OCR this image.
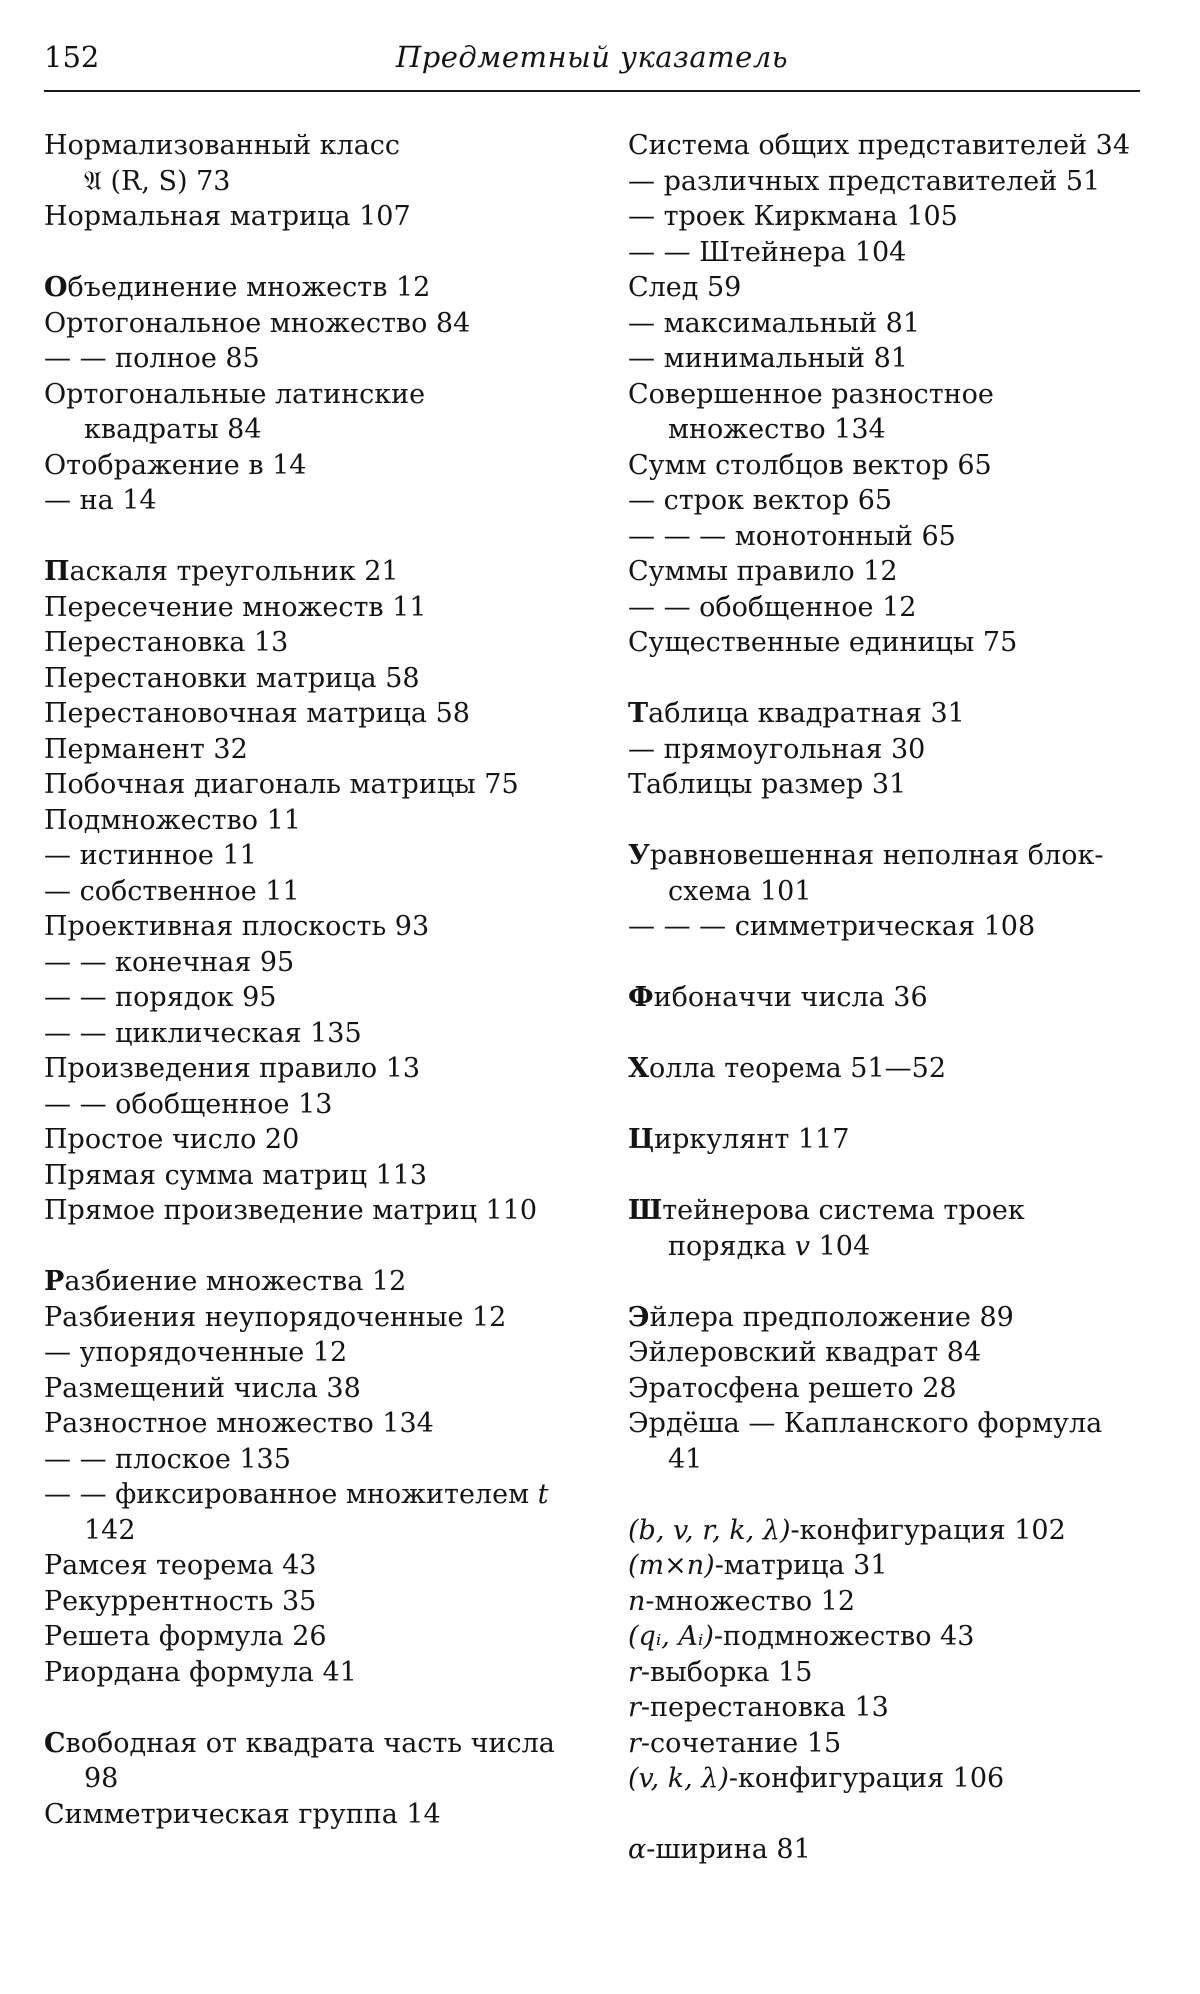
152	Предметный указатель
Нормализованный класс
𝔄 (R, S) 73
Нормальная матрица 107
Объединение множеств 12
Ортогональное множество 84
— — полное 85
Ортогональные латинские квадраты 84
Отображение в 14
— на 14
Паскаля треугольник 21
Пересечение множеств 11
Перестановка 13
Перестановки матрица 58
Перестановочная матрица 58
Перманент 32
Побочная диагональ матрицы 75
Подмножество 11
— истинное 11
— собственное 11
Проективная плоскость 93
— — конечная 95
— — порядок 95
— — циклическая 135
Произведения правило 13
— — обобщенное 13
Простое число 20
Прямая сумма матриц 113
Прямое произведение матриц 110
Разбиение множества 12
Разбиения неупорядоченные 12
— упорядоченные 12
Размещений числа 38
Разностное множество 134
— — плоское 135
— — фиксированное множителем t 142
Рамсея теорема 43
Рекуррентность 35
Решета формула 26
Риордана формула 41
Свободная от квадрата часть числа 98
Симметрическая группа 14
Система общих представителей 34
— различных представителей 51
— троек Киркмана 105
— — Штейнера 104
След 59
— максимальный 81
— минимальный 81
Совершенное разностное множество 134
Сумм столбцов вектор 65
— строк вектор 65
— — — монотонный 65
Суммы правило 12
— — обобщенное 12
Существенные единицы 75
Таблица квадратная 31
— прямоугольная 30
Таблицы размер 31
Уравновешенная неполная блок-схема 101
— — — симметрическая 108
Фибоначчи числа 36
Холла теорема 51—52
Циркулянт 117
Штейнерова система троек порядка v 104
Эйлера предположение 89
Эйлеровский квадрат 84
Эратосфена решето 28
Эрдёша — Капланского формула 41
(b, v, r, k, λ)-конфигурация 102
(m×n)-матрица 31
n-множество 12
(qᵢ, Aᵢ)-подмножество 43
r-выборка 15
r-перестановка 13
r-сочетание 15
(v, k, λ)-конфигурация 106
α-ширина 81
